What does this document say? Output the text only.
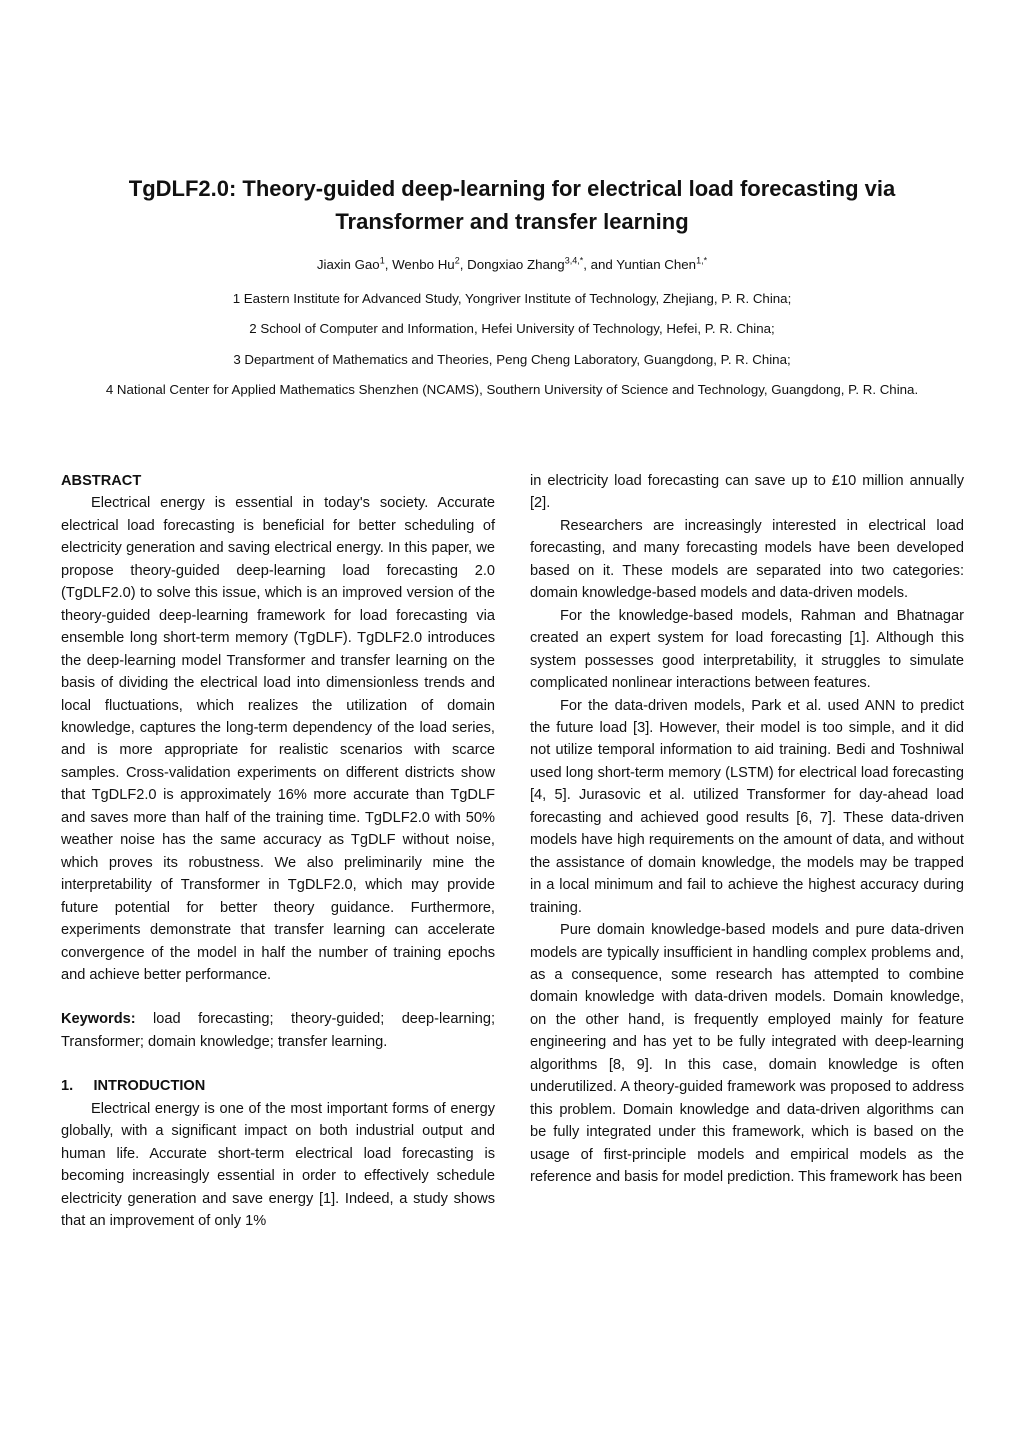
TgDLF2.0: Theory-guided deep-learning for electrical load forecasting via Transformer and transfer learning
Jiaxin Gao$^1$, Wenbo Hu$^2$, Dongxiao Zhang$^{3,4,*}$, and Yuntian Chen$^{1,*}$
1 Eastern Institute for Advanced Study, Yongriver Institute of Technology, Zhejiang, P. R. China;
2 School of Computer and Information, Hefei University of Technology, Hefei, P. R. China;
3 Department of Mathematics and Theories, Peng Cheng Laboratory, Guangdong, P. R. China;
4 National Center for Applied Mathematics Shenzhen (NCAMS), Southern University of Science and Technology, Guangdong, P. R. China.
ABSTRACT

Electrical energy is essential in today's society. Accurate electrical load forecasting is beneficial for better scheduling of electricity generation and saving electrical energy. In this paper, we propose theory-guided deep-learning load forecasting 2.0 (TgDLF2.0) to solve this issue, which is an improved version of the theory-guided deep-learning framework for load forecasting via ensemble long short-term memory (TgDLF). TgDLF2.0 introduces the deep-learning model Transformer and transfer learning on the basis of dividing the electrical load into dimensionless trends and local fluctuations, which realizes the utilization of domain knowledge, captures the long-term dependency of the load series, and is more appropriate for realistic scenarios with scarce samples. Cross-validation experiments on different districts show that TgDLF2.0 is approximately 16% more accurate than TgDLF and saves more than half of the training time. TgDLF2.0 with 50% weather noise has the same accuracy as TgDLF without noise, which proves its robustness. We also preliminarily mine the interpretability of Transformer in TgDLF2.0, which may provide future potential for better theory guidance. Furthermore, experiments demonstrate that transfer learning can accelerate convergence of the model in half the number of training epochs and achieve better performance.

Keywords: load forecasting; theory-guided; deep-learning; Transformer; domain knowledge; transfer learning.

1.     INTRODUCTION

Electrical energy is one of the most important forms of energy globally, with a significant impact on both industrial output and human life. Accurate short-term electrical load forecasting is becoming increasingly essential in order to effectively schedule electricity generation and save energy [1]. Indeed, a study shows that an improvement of only 1%

in electricity load forecasting can save up to £10 million annually [2].

Researchers are increasingly interested in electrical load forecasting, and many forecasting models have been developed based on it. These models are separated into two categories: domain knowledge-based models and data-driven models.

For the knowledge-based models, Rahman and Bhatnagar created an expert system for load forecasting [1]. Although this system possesses good interpretability, it struggles to simulate complicated nonlinear interactions between features.

For the data-driven models, Park et al. used ANN to predict the future load [3]. However, their model is too simple, and it did not utilize temporal information to aid training. Bedi and Toshniwal used long short-term memory (LSTM) for electrical load forecasting [4, 5]. Jurasovic et al. utilized Transformer for day-ahead load forecasting and achieved good results [6, 7]. These data-driven models have high requirements on the amount of data, and without the assistance of domain knowledge, the models may be trapped in a local minimum and fail to achieve the highest accuracy during training.

Pure domain knowledge-based models and pure data-driven models are typically insufficient in handling complex problems and, as a consequence, some research has attempted to combine domain knowledge with data-driven models. Domain knowledge, on the other hand, is frequently employed mainly for feature engineering and has yet to be fully integrated with deep-learning algorithms [8, 9]. In this case, domain knowledge is often underutilized. A theory-guided framework was proposed to address this problem. Domain knowledge and data-driven algorithms can be fully integrated under this framework, which is based on the usage of first-principle models and empirical models as the reference and basis for model prediction. This framework has been
